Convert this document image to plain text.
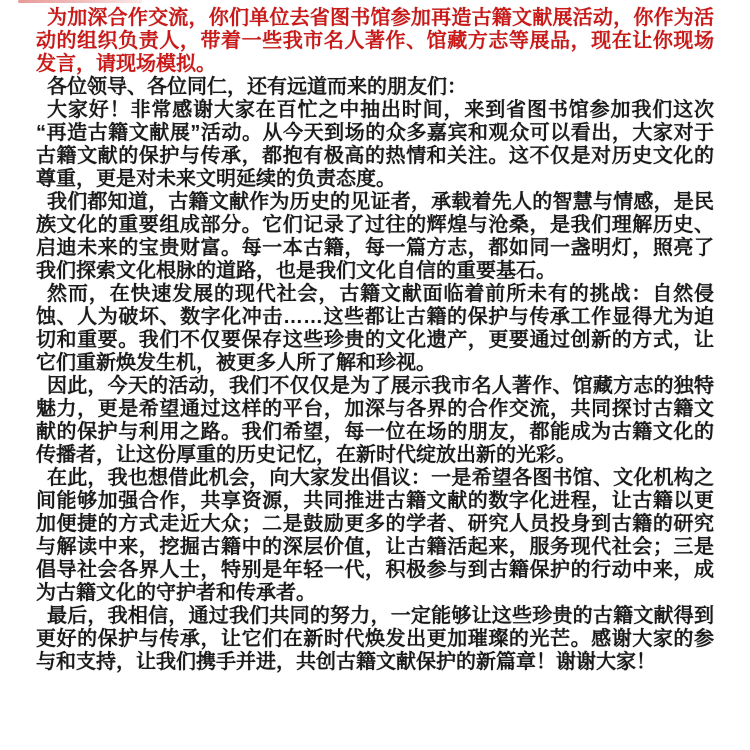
为加深合作交流，你们单位去省图书馆参加再造古籍文献展活动，你作为活动的组织负责人，带着一些我市名人著作、馆藏方志等展品，现在让你现场发言，请现场模拟。

各位领导、各位同仁，还有远道而来的朋友们：

大家好！非常感谢大家在百忙之中抽出时间，来到省图书馆参加我们这次“再造古籍文献展”活动。从今天到场的众多嘉宾和观众可以看出，大家对于古籍文献的保护与传承，都抱有极高的热情和关注。这不仅是对历史文化的尊重，更是对未来文明延续的负责态度。

我们都知道，古籍文献作为历史的见证者，承载着先人的智慧与情感，是民族文化的重要组成部分。它们记录了过往的辉煌与沧桑，是我们理解历史、启迪未来的宝贵财富。每一本古籍，每一篇方志，都如同一盏明灯，照亮了我们探索文化根脉的道路，也是我们文化自信的重要基石。

然而，在快速发展的现代社会，古籍文献面临着前所未有的挑战：自然侵蚀、人为破坏、数字化冲击……这些都让古籍的保护与传承工作显得尤为迫切和重要。我们不仅要保存这些珍贵的文化遗产，更要通过创新的方式，让它们重新焕发生机，被更多人所了解和珍视。

因此，今天的活动，我们不仅仅是为了展示我市名人著作、馆藏方志的独特魅力，更是希望通过这样的平台，加深与各界的合作交流，共同探讨古籍文献的保护与利用之路。我们希望，每一位在场的朋友，都能成为古籍文化的传播者，让这份厚重的历史记忆，在新时代绽放出新的光彩。

在此，我也想借此机会，向大家发出倡议：一是希望各图书馆、文化机构之间能够加强合作，共享资源，共同推进古籍文献的数字化进程，让古籍以更加便捷的方式走近大众；二是鼓励更多的学者、研究人员投身到古籍的研究与解读中来，挖掘古籍中的深层价值，让古籍活起来，服务现代社会；三是倡导社会各界人士，特别是年轻一代，积极参与到古籍保护的行动中来，成为古籍文化的守护者和传承者。

最后，我相信，通过我们共同的努力，一定能够让这些珍贵的古籍文献得到更好的保护与传承，让它们在新时代焕发出更加璀璨的光芒。感谢大家的参与和支持，让我们携手并进，共创古籍文献保护的新篇章！谢谢大家！
